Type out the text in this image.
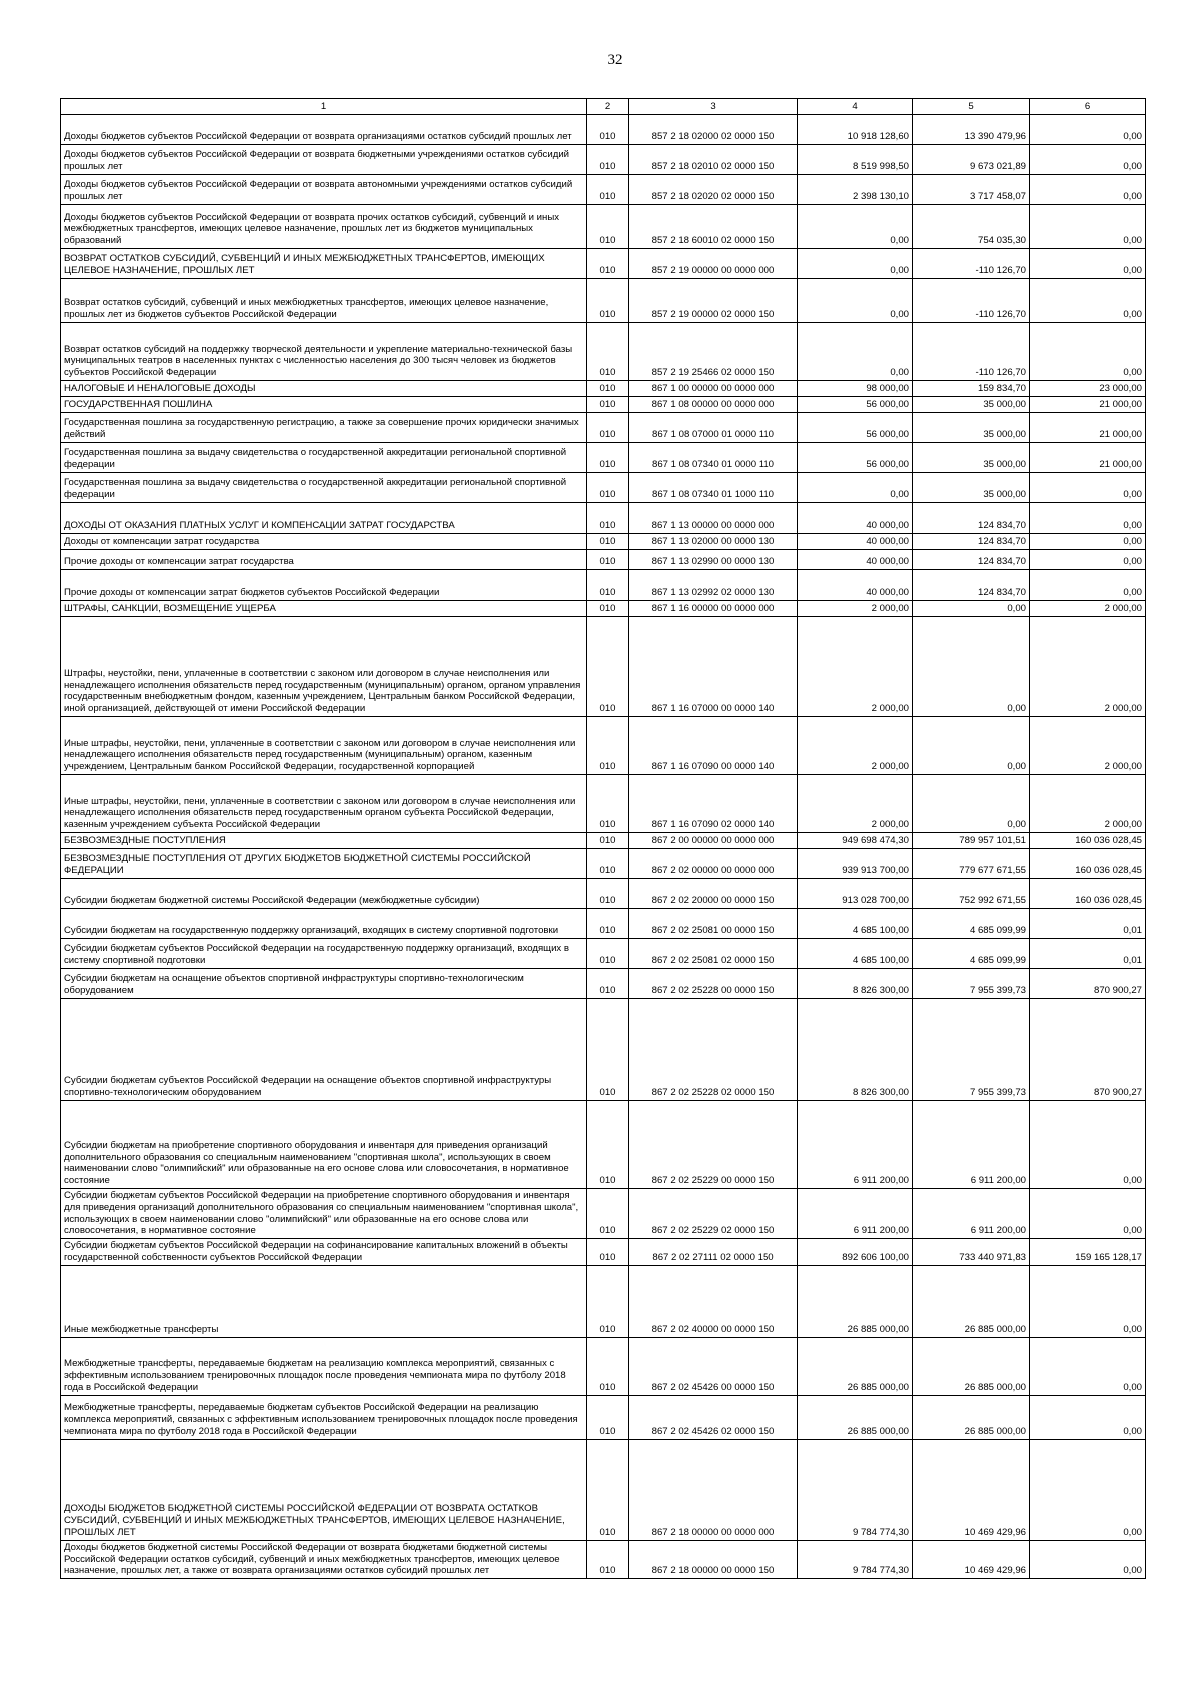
32
1	2	3	4	5	6
Доходы бюджетов субъектов Российской Федерации от возврата организациями остатков субсидий прошлых лет	010	857 2 18 02000 02 0000 150	10 918 128,60	13 390 479,96	0,00
Доходы бюджетов субъектов Российской Федерации от возврата бюджетными учреждениями остатков субсидий прошлых лет	010	857 2 18 02010 02 0000 150	8 519 998,50	9 673 021,89	0,00
Доходы бюджетов субъектов Российской Федерации от возврата автономными учреждениями остатков субсидий прошлых лет	010	857 2 18 02020 02 0000 150	2 398 130,10	3 717 458,07	0,00
Доходы бюджетов субъектов Российской Федерации от возврата прочих остатков субсидий, субвенций и иных межбюджетных трансфертов, имеющих целевое назначение, прошлых лет из бюджетов муниципальных образований	010	857 2 18 60010 02 0000 150	0,00	754 035,30	0,00
ВОЗВРАТ ОСТАТКОВ СУБСИДИЙ, СУБВЕНЦИЙ И ИНЫХ МЕЖБЮДЖЕТНЫХ ТРАНСФЕРТОВ, ИМЕЮЩИХ ЦЕЛЕВОЕ НАЗНАЧЕНИЕ, ПРОШЛЫХ ЛЕТ	010	857 2 19 00000 00 0000 000	0,00	-110 126,70	0,00
Возврат остатков субсидий, субвенций и иных межбюджетных трансфертов, имеющих целевое назначение, прошлых лет из бюджетов субъектов Российской Федерации	010	857 2 19 00000 02 0000 150	0,00	-110 126,70	0,00
Возврат остатков субсидий на поддержку творческой деятельности и укрепление материально-технической базы муниципальных театров в населенных пунктах с численностью населения до 300 тысяч человек из бюджетов субъектов Российской Федерации	010	857 2 19 25466 02 0000 150	0,00	-110 126,70	0,00
НАЛОГОВЫЕ И НЕНАЛОГОВЫЕ ДОХОДЫ	010	867 1 00 00000 00 0000 000	98 000,00	159 834,70	23 000,00
ГОСУДАРСТВЕННАЯ ПОШЛИНА	010	867 1 08 00000 00 0000 000	56 000,00	35 000,00	21 000,00
Государственная пошлина за государственную регистрацию, а также за совершение прочих юридически значимых действий	010	867 1 08 07000 01 0000 110	56 000,00	35 000,00	21 000,00
Государственная пошлина за выдачу свидетельства о государственной аккредитации региональной спортивной федерации	010	867 1 08 07340 01 0000 110	56 000,00	35 000,00	21 000,00
Государственная пошлина за выдачу свидетельства о государственной аккредитации региональной спортивной федерации	010	867 1 08 07340 01 1000 110	0,00	35 000,00	0,00
ДОХОДЫ ОТ ОКАЗАНИЯ ПЛАТНЫХ УСЛУГ И КОМПЕНСАЦИИ ЗАТРАТ ГОСУДАРСТВА	010	867 1 13 00000 00 0000 000	40 000,00	124 834,70	0,00
Доходы от компенсации затрат государства	010	867 1 13 02000 00 0000 130	40 000,00	124 834,70	0,00
Прочие доходы от компенсации затрат государства	010	867 1 13 02990 00 0000 130	40 000,00	124 834,70	0,00
Прочие доходы от компенсации затрат бюджетов субъектов Российской Федерации	010	867 1 13 02992 02 0000 130	40 000,00	124 834,70	0,00
ШТРАФЫ, САНКЦИИ, ВОЗМЕЩЕНИЕ УЩЕРБА	010	867 1 16 00000 00 0000 000	2 000,00	0,00	2 000,00
Штрафы, неустойки, пени, уплаченные в соответствии с законом или договором в случае неисполнения или ненадлежащего исполнения обязательств перед государственным (муниципальным) органом, органом управления государственным внебюджетным фондом, казенным учреждением, Центральным банком Российской Федерации, иной организацией, действующей от имени Российской Федерации	010	867 1 16 07000 00 0000 140	2 000,00	0,00	2 000,00
Иные штрафы, неустойки, пени, уплаченные в соответствии с законом или договором в случае неисполнения или ненадлежащего исполнения обязательств перед государственным (муниципальным) органом, казенным учреждением, Центральным банком Российской Федерации, государственной корпорацией	010	867 1 16 07090 00 0000 140	2 000,00	0,00	2 000,00
Иные штрафы, неустойки, пени, уплаченные в соответствии с законом или договором в случае неисполнения или ненадлежащего исполнения обязательств перед государственным органом субъекта Российской Федерации, казенным учреждением субъекта Российской Федерации	010	867 1 16 07090 02 0000 140	2 000,00	0,00	2 000,00
БЕЗВОЗМЕЗДНЫЕ ПОСТУПЛЕНИЯ	010	867 2 00 00000 00 0000 000	949 698 474,30	789 957 101,51	160 036 028,45
БЕЗВОЗМЕЗДНЫЕ ПОСТУПЛЕНИЯ ОТ ДРУГИХ БЮДЖЕТОВ БЮДЖЕТНОЙ СИСТЕМЫ РОССИЙСКОЙ ФЕДЕРАЦИИ	010	867 2 02 00000 00 0000 000	939 913 700,00	779 677 671,55	160 036 028,45
Субсидии бюджетам бюджетной системы Российской Федерации (межбюджетные субсидии)	010	867 2 02 20000 00 0000 150	913 028 700,00	752 992 671,55	160 036 028,45
Субсидии бюджетам на государственную поддержку организаций, входящих в систему спортивной подготовки	010	867 2 02 25081 00 0000 150	4 685 100,00	4 685 099,99	0,01
Субсидии бюджетам субъектов Российской Федерации на государственную поддержку организаций, входящих в систему спортивной подготовки	010	867 2 02 25081 02 0000 150	4 685 100,00	4 685 099,99	0,01
Субсидии бюджетам на оснащение объектов спортивной инфраструктуры спортивно-технологическим оборудованием	010	867 2 02 25228 00 0000 150	8 826 300,00	7 955 399,73	870 900,27
Субсидии бюджетам субъектов Российской Федерации на оснащение объектов спортивной инфраструктуры спортивно-технологическим оборудованием	010	867 2 02 25228 02 0000 150	8 826 300,00	7 955 399,73	870 900,27
Субсидии бюджетам на приобретение спортивного оборудования и инвентаря для приведения организаций дополнительного образования со специальным наименованием "спортивная школа", использующих в своем наименовании слово "олимпийский" или образованные на его основе слова или словосочетания, в нормативное состояние	010	867 2 02 25229 00 0000 150	6 911 200,00	6 911 200,00	0,00
Субсидии бюджетам субъектов Российской Федерации на приобретение спортивного оборудования и инвентаря для приведения организаций дополнительного образования со специальным наименованием "спортивная школа", использующих в своем наименовании слово "олимпийский" или образованные на его основе слова или словосочетания, в нормативное состояние	010	867 2 02 25229 02 0000 150	6 911 200,00	6 911 200,00	0,00
Субсидии бюджетам субъектов Российской Федерации на софинансирование капитальных вложений в объекты государственной собственности субъектов Российской Федерации	010	867 2 02 27111 02 0000 150	892 606 100,00	733 440 971,83	159 165 128,17
Иные межбюджетные трансферты	010	867 2 02 40000 00 0000 150	26 885 000,00	26 885 000,00	0,00
Межбюджетные трансферты, передаваемые бюджетам на реализацию комплекса мероприятий, связанных с эффективным использованием тренировочных площадок после проведения чемпионата мира по футболу 2018 года в Российской Федерации	010	867 2 02 45426 00 0000 150	26 885 000,00	26 885 000,00	0,00
Межбюджетные трансферты, передаваемые бюджетам субъектов Российской Федерации на реализацию комплекса мероприятий, связанных с эффективным использованием тренировочных площадок после проведения чемпионата мира по футболу 2018 года в Российской Федерации	010	867 2 02 45426 02 0000 150	26 885 000,00	26 885 000,00	0,00
ДОХОДЫ БЮДЖЕТОВ БЮДЖЕТНОЙ СИСТЕМЫ РОССИЙСКОЙ ФЕДЕРАЦИИ ОТ ВОЗВРАТА ОСТАТКОВ СУБСИДИЙ, СУБВЕНЦИЙ И ИНЫХ МЕЖБЮДЖЕТНЫХ ТРАНСФЕРТОВ, ИМЕЮЩИХ ЦЕЛЕВОЕ НАЗНАЧЕНИЕ, ПРОШЛЫХ ЛЕТ	010	867 2 18 00000 00 0000 000	9 784 774,30	10 469 429,96	0,00
Доходы бюджетов бюджетной системы Российской Федерации от возврата бюджетами бюджетной системы Российской Федерации остатков субсидий, субвенций и иных межбюджетных трансфертов, имеющих целевое назначение, прошлых лет, а также от возврата организациями остатков субсидий прошлых лет	010	867 2 18 00000 00 0000 150	9 784 774,30	10 469 429,96	0,00
